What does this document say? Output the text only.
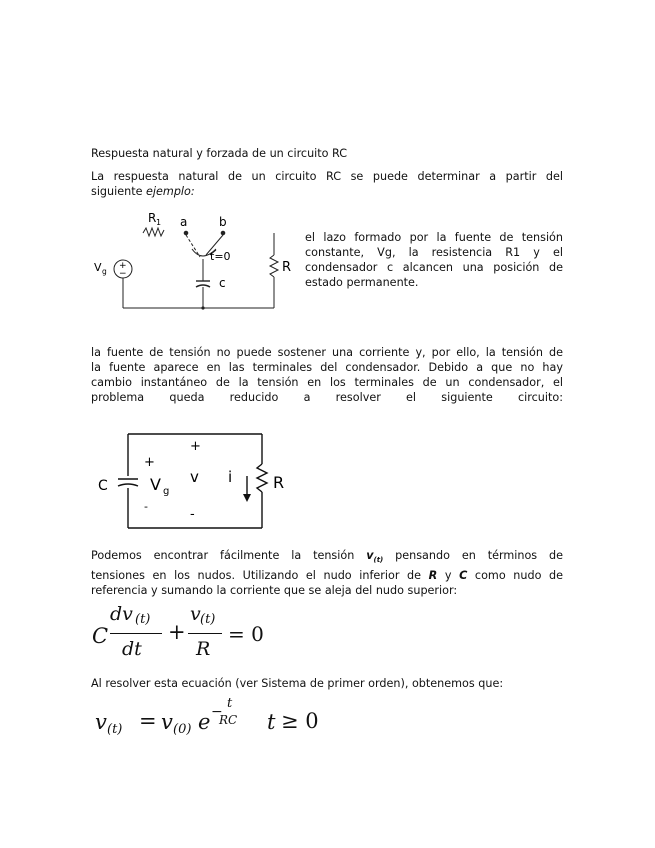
Respuesta natural y forzada de un circuito RC
La respuesta natural de un circuito RC se puede determinar a partir del
siguiente ejemplo:
R 1 a	b
V g
+
−
t=0
c
R
el lazo formado por la fuente de tensión
constante, Vg, la resistencia R1 y el
condensador c alcancen una posición de
estado permanente.
la fuente de tensión no puede sostener una corriente y, por ello, la tensión de
la fuente aparece en las terminales del condensador. Debido a que no hay
cambio instantáneo de la tensión en los terminales de un condensador, el
problema queda reducido a resolver el siguiente circuito:
C
+
+
V g
-
v
-
i	R
Podemos encontrar fácilmente la tensión $v_{(t)}$ pensando en términos de
tensiones en los nudos. Utilizando el nudo inferior de R y C como nudo de
referencia y sumando la corriente que se aleja del nudo superior:
C
dv (t)
dt
+
v (t)
R
= 0
Al resolver esta ecuación (ver Sistema de primer orden), obtenemos que:
v (t) = v (0) e −
t
RC t ≥ 0
